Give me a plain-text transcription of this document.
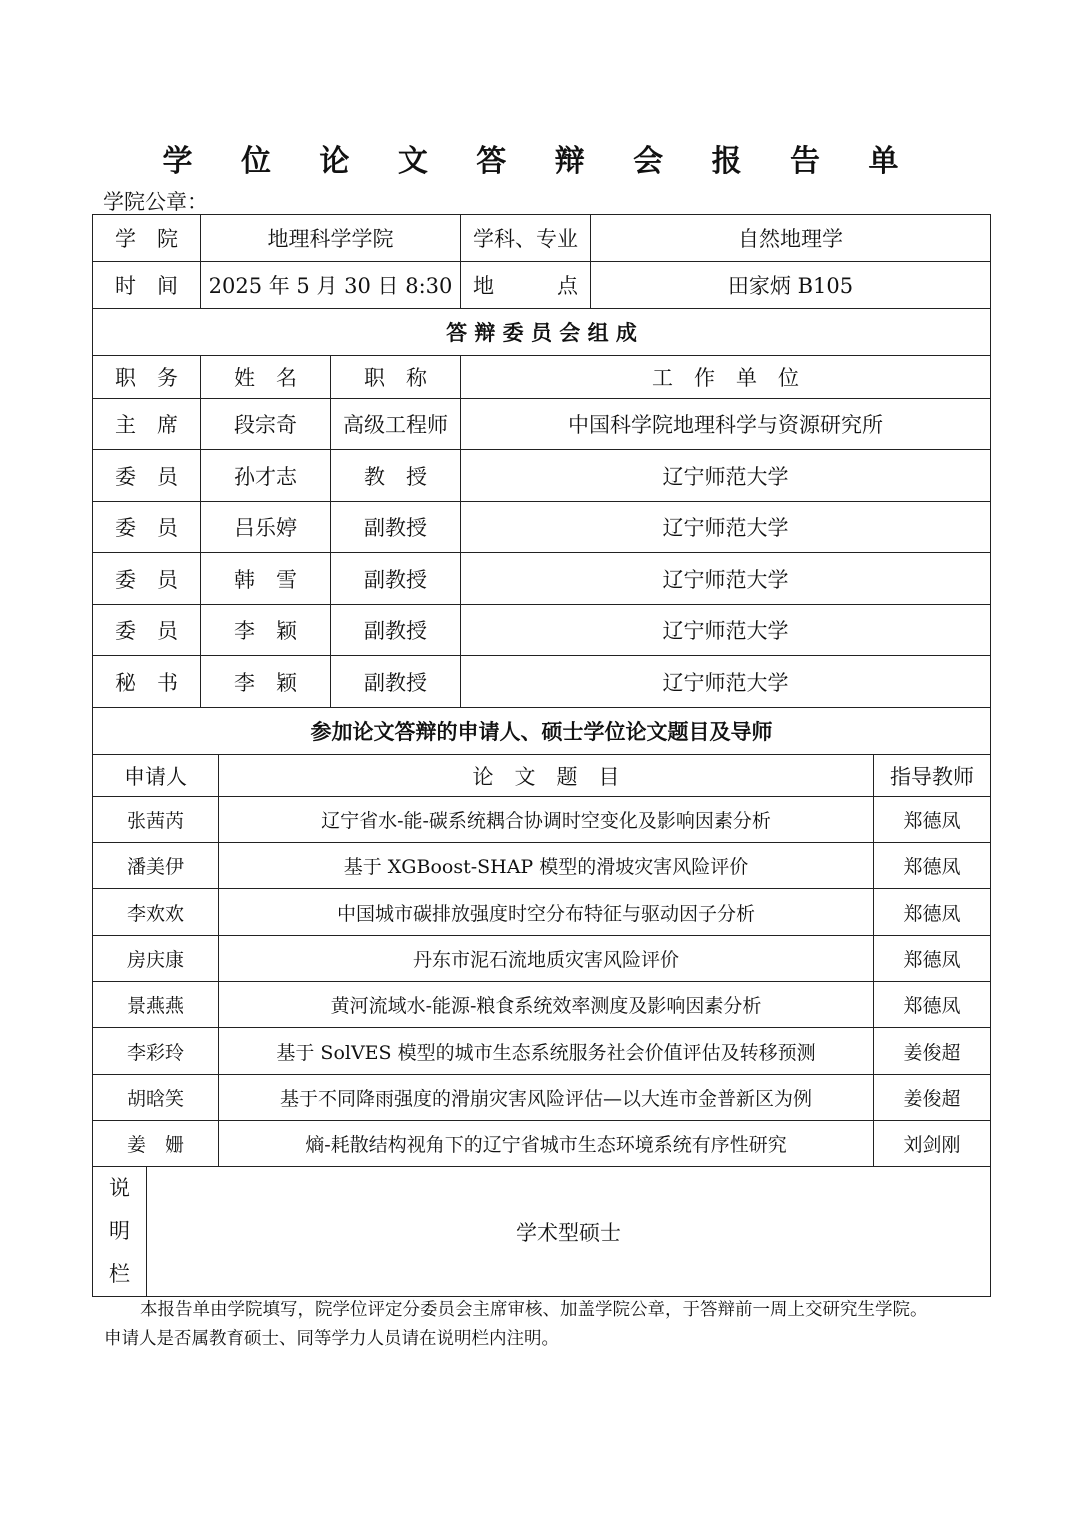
学 位 论 文 答 辩 会 报 告 单
学院公章：
学　院		地理科学学院			学科、专业	自然地理学	
时　间		2025 年 5 月 30 日 8:30			地　　　点	田家炳 B105	
答 辩 委 员 会 组 成							
职　务		姓　名		职　称	工　作　单　位		
主　席		段宗奇		高级工程师	中国科学院地理科学与资源研究所		
委　员		孙才志		教　授	辽宁师范大学		
委　员		吕乐婷		副教授	辽宁师范大学		
委　员		韩　雪		副教授	辽宁师范大学		
委　员		李　颖		副教授	辽宁师范大学		
秘　书		李　颖		副教授	辽宁师范大学		
参加论文答辩的申请人、硕士学位论文题目及导师							
申请人			论　文　题　目				指导教师
张茜芮			辽宁省水-能-碳系统耦合协调时空变化及影响因素分析				郑德凤
潘美伊			基于 XGBoost-SHAP 模型的滑坡灾害风险评价				郑德凤
李欢欢			中国城市碳排放强度时空分布特征与驱动因子分析				郑德凤
房庆康			丹东市泥石流地质灾害风险评价				郑德凤
景燕燕			黄河流域水-能源-粮食系统效率测度及影响因素分析				郑德凤
李彩玲			基于 SolVES 模型的城市生态系统服务社会价值评估及转移预测				姜俊超
胡晗笑			基于不同降雨强度的滑崩灾害风险评估—以大连市金普新区为例				姜俊超
姜　姗			熵-耗散结构视角下的辽宁省城市生态环境系统有序性研究				刘剑刚

说
明
栏	学术型硕士						
本报告单由学院填写，院学位评定分委员会主席审核、加盖学院公章，于答辩前一周上交研究生学院。
申请人是否属教育硕士、同等学力人员请在说明栏内注明。
